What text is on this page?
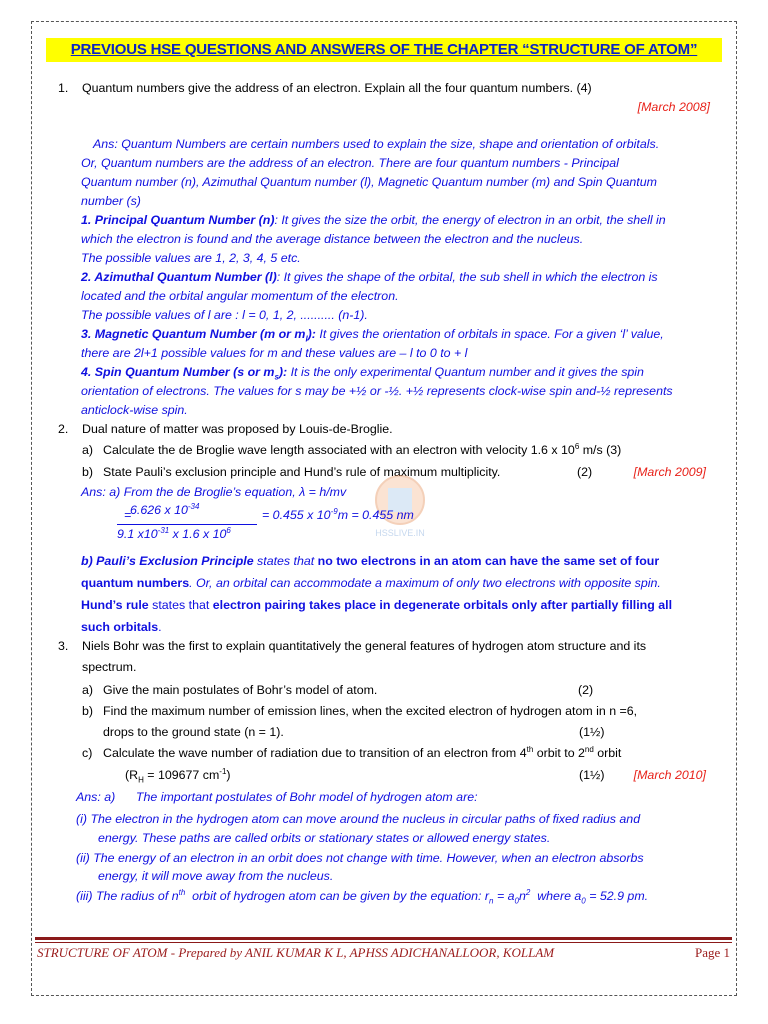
PREVIOUS HSE QUESTIONS AND ANSWERS OF THE CHAPTER “STRUCTURE OF ATOM”
1. Quantum numbers give the address of an electron. Explain all the four quantum numbers. (4)
[March 2008]
Ans: Quantum Numbers are certain numbers used to explain the size, shape and orientation of orbitals.
Or, Quantum numbers are the address of an electron. There are four quantum numbers - Principal
Quantum number (n), Azimuthal Quantum number (l), Magnetic Quantum number (m) and Spin Quantum
number (s)
1. Principal Quantum Number (n): It gives the size the orbit, the energy of electron in an orbit, the shell in
which the electron is found and the average distance between the electron and the nucleus.
The possible values are 1, 2, 3, 4, 5 etc.
2. Azimuthal Quantum Number (l): It gives the shape of the orbital, the sub shell in which the electron is
located and the orbital angular momentum of the electron.
The possible values of l are : l = 0, 1, 2, .......... (n-1).
3. Magnetic Quantum Number (m or $m_l$): It gives the orientation of orbitals in space. For a given ‘l’ value,
there are 2l+1 possible values for m and these values are – l to 0 to + l
4. Spin Quantum Number (s or $m_s$): It is the only experimental Quantum number and it gives the spin
orientation of electrons. The values for s may be +½ or -½. +½ represents clock-wise spin and-½ represents
anticlock-wise spin.
2. Dual nature of matter was proposed by Louis-de-Broglie.
a) Calculate the de Broglie wave length associated with an electron with velocity 1.6 x $10^6$ m/s (3)
b) State Pauli’s exclusion principle and Hund’s rule of maximum multiplicity.	(2)	[March 2009]
Ans: a) From the de Broglie’s equation, λ = h/mv
HSSLIVE.IN
=
6.626 x $10^{-34}$
9.1 $x10^{-31}$ x 1.6 x $10^6$
= 0.455 x $10^{-9}m = 0.455$ nm
b) Pauli’s Exclusion Principle states that no two electrons in an atom can have the same set of four
quantum numbers. Or, an orbital can accommodate a maximum of only two electrons with opposite spin.
Hund’s rule states that electron pairing takes place in degenerate orbitals only after partially filling all
such orbitals.
3. Niels Bohr was the first to explain quantitatively the general features of hydrogen atom structure and its
spectrum.
a) Give the main postulates of Bohr’s model of atom.	(2)
b) Find the maximum number of emission lines, when the excited electron of hydrogen atom in n =6,
drops to the ground state (n = 1).	(1½)
c) Calculate the wave number of radiation due to transition of an electron from 4th orbit to 2nd orbit
($R_H = 109677$ $cm^{-1}$)	(1½)	[March 2010]
Ans: a)      The important postulates of Bohr model of hydrogen atom are:
(i) The electron in the hydrogen atom can move around the nucleus in circular paths of fixed radius and
energy. These paths are called orbits or stationary states or allowed energy states.
(ii) The energy of an electron in an orbit does not change with time. However, when an electron absorbs
energy, it will move away from the nucleus.
(iii) The radius of $n^{th}$  orbit of hydrogen atom can be given by the equation: $r_n = a_0n^2$  where $a_0 = 52.9$ pm.
STRUCTURE OF ATOM - Prepared by ANIL KUMAR K L, APHSS ADICHANALLOOR, KOLLAM	Page 1
